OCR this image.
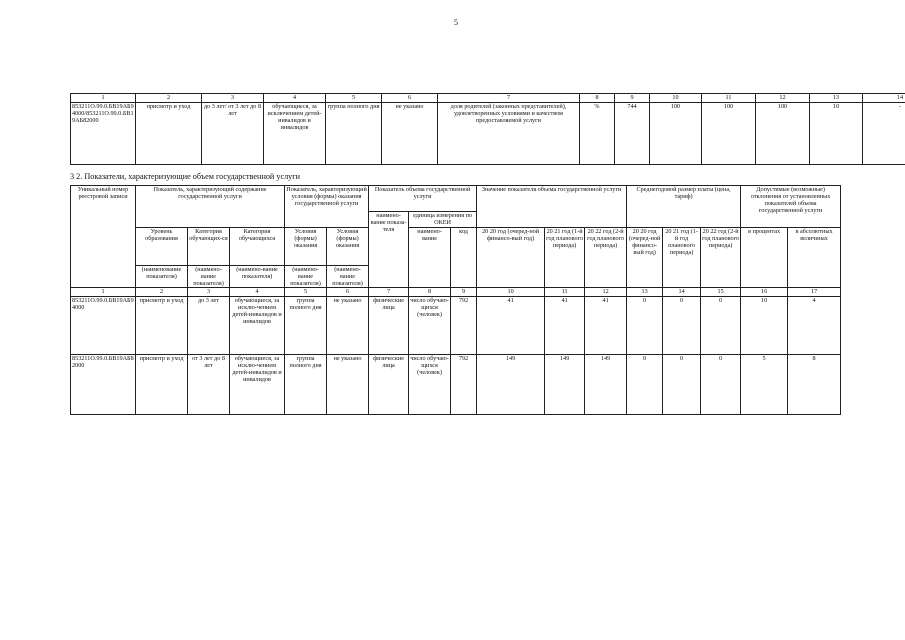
5
1	2	3	4	5	6	7	8	9	10	11	12	13	14
853211О.99.0.БВ19АБ94000/853211О.99.0.БВ19АБ82000	присмотр и уход	до 3 лет/ от 3 лет до 8 лет	обучающиеся, за исключением детей-инвалидов и инвалидов	группа полного дня	не указано	доля родителей (законных представителей), удовлетворенных условиями и качеством предоставляемой услуги	%	744	100	100	100	10	-
3 2. Показатели, характеризующие объем государственной услуги
Уникальный номер реестровой записи	Показатель, характеризующий содержание государственной услуги			Показатель, характеризующий условия (формы) оказания государственной услуги		Показатель объема государственной услуги			Значение показателя объема государственной услуги			Среднегодовой размер платы (цена, тариф)			Допустимые (возможные) отклонения от установленных показателей объема государственной услуги	
						наимено-вание показа-теля	единица измерения по ОКЕИ									
	Уровень образования	Категория обучающих-ся	Категория обучающихся	Условия (формы) оказания	Условия (формы) оказания		наимено-вание	код	20 20 год (очеред-ной финансо-вый год)	20 21 год (1-й год планового периода)	20 22 год (2-й год планового периода)	20 20 год (очеред-ной финансо-вый год)	20 21 год (1-й год планового периода)	20 22 год (2-й год планового периода)	в процентах	в абсолютных величинах
	(наименование показателя)	(наимено-вание показателя)	(наимено-вание показателя)	(наимено-вание показателя)	(наимено-вание показателя)											
1	2	3	4	5	6	7	8	9	10	11	12	13	14	15	16	17
853211О.99.0.БВ19АБ94000	присмотр и уход	до 3 лет	обучающиеся, за исклю-чением детей-инвалидов и инвалидов	группа полного дня	не указано	физические лица	число обучаю-щихся (человек)	792	41	41	41	0	0	0	10	4
853211О.99.0.БВ19АБ82000	присмотр и уход	от 3 лет до 8 лет	обучающиеся, за исклю-чением детей-инвалидов и инвалидов	группа полного дня	не указано	физические лица	число обучаю-щихся (человек)	792	149	149	149	0	0	0	5	8
